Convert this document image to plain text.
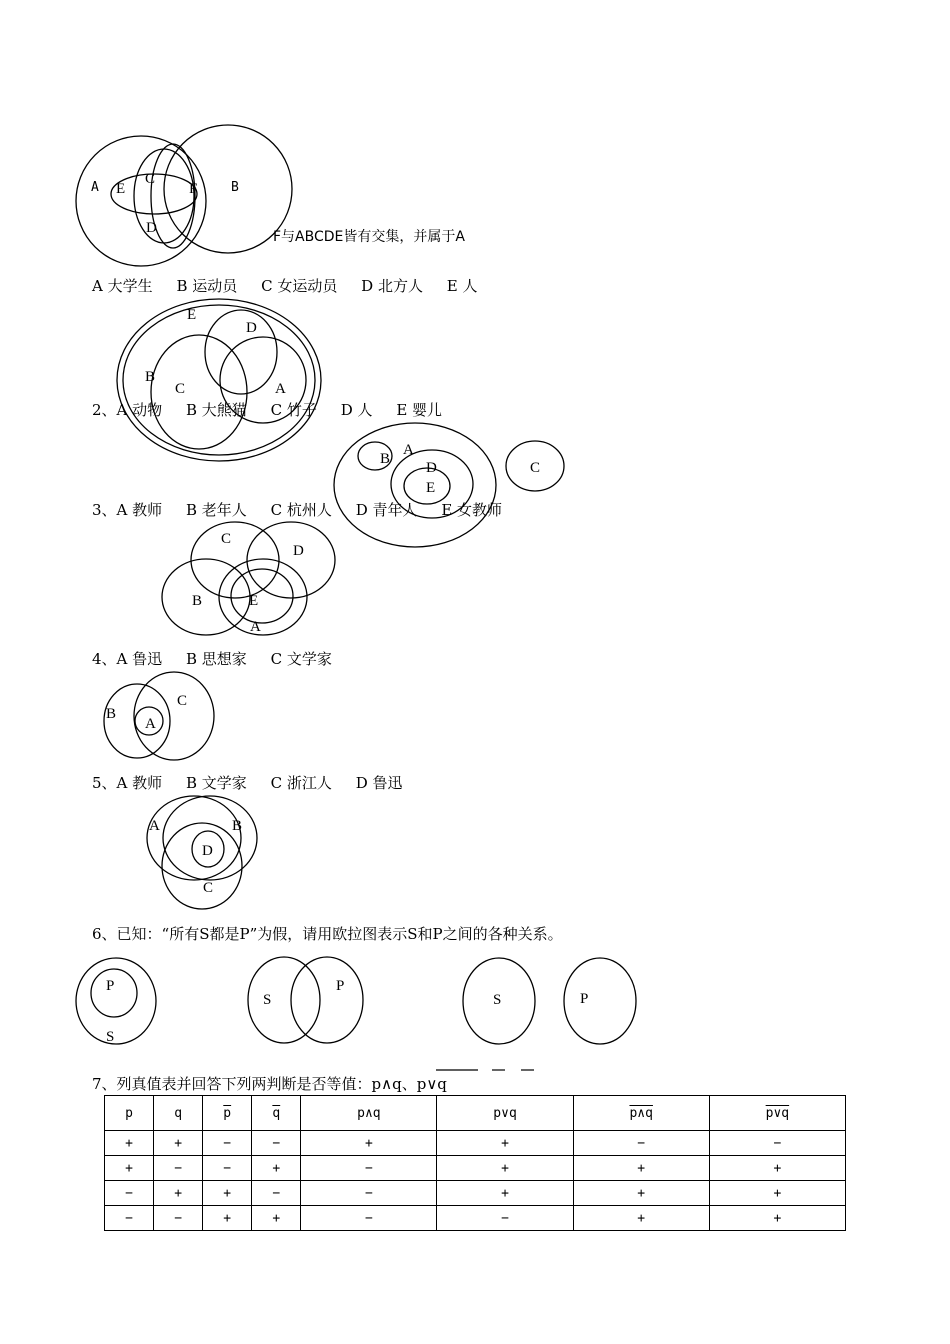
A E
C
F	B
D
E
D
B
C	A
B
A
D
E
C
C
D
B	E
A
B
A
C
A	B
D
C
P
S
S
P
S	P
F与ABCDE皆有交集，并属于A
A 大学生     B 运动员     C 女运动员     D 北方人     E 人
2、A 动物     B 大熊猫     C 竹子     D 人     E 婴儿
3、A 教师     B 老年人     C 杭州人     D 青年人     E 女教师
4、A 鲁迅     B 思想家     C 文学家
5、A 教师     B 文学家     C 浙江人     D 鲁迅
6、已知：“所有S都是P”为假，请用欧拉图表示S和P之间的各种关系。
7、列真值表并回答下列两判断是否等值：p∧q、p∨q
p	q	$\overline{p}$	$\overline{q}$	p∧q	p∨q	p∧q	$\overline{p}\vee q$
+	+	−	−	+	+	−	−
+	−	−	+	−	+	+	+
−	+	+	−	−	+	+	+
−	−	+	+	−	−	+	+
